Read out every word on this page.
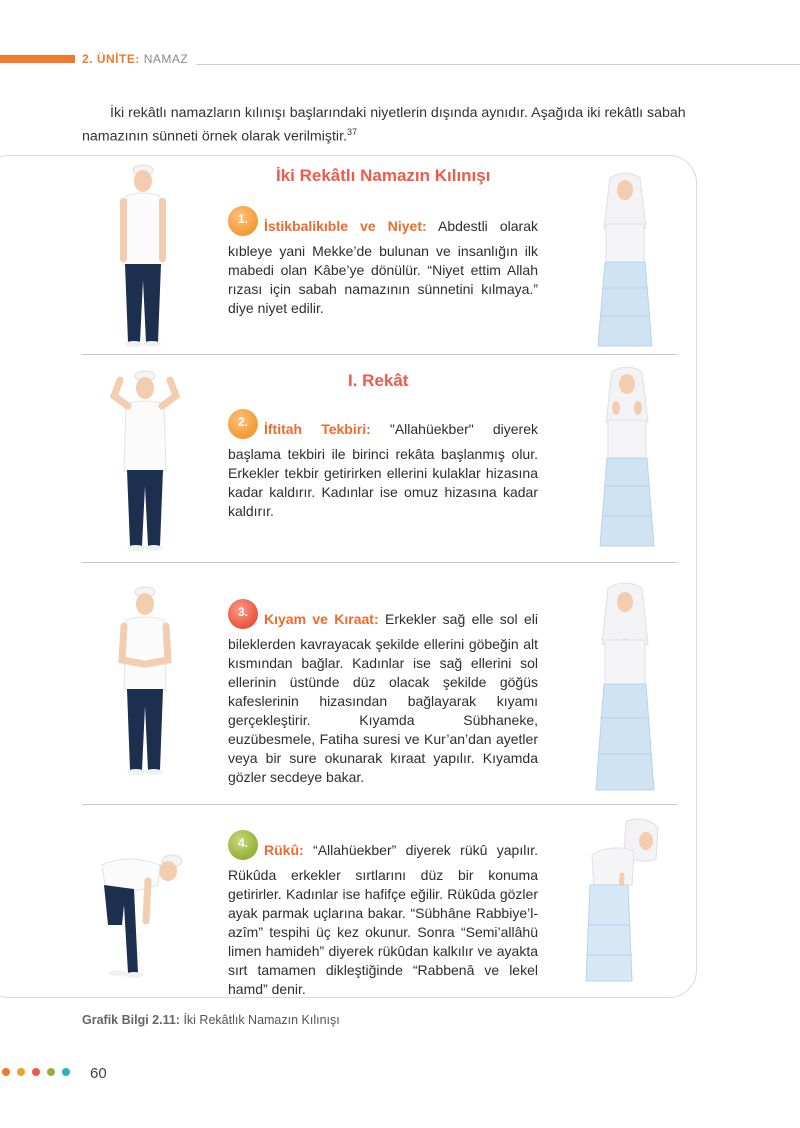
2. ÜNİTE: NAMAZ
İki rekâtlı namazların kılınışı başlarındaki niyetlerin dışında aynıdır. Aşağıda iki rekâtlı sabah namazının sünneti örnek olarak verilmiştir.$^{37}$
İki Rekâtlı Namazın Kılınışı
I. Rekât
1. İstikbalikıble ve Niyet: Abdestli olarak kıbleye yani Mekke’de bulunan ve insanlığın ilk mabedi olan Kâbe’ye dönülür. “Niyet ettim Allah rızası için sabah namazının sünnetini kılmaya.” diye niyet edilir.
2. İftitah Tekbiri: "Allahüekber" diyerek başlama tekbiri ile birinci rekâta başlanmış olur. Erkekler tekbir getirirken ellerini kulaklar hizasına kadar kaldırır. Kadınlar ise omuz hizasına kadar kaldırır.
3. Kıyam ve Kıraat: Erkekler sağ elle sol eli bileklerden kavrayacak şekilde ellerini göbeğin alt kısmından bağlar. Kadınlar ise sağ ellerini sol ellerinin üstünde düz olacak şekilde göğüs kafeslerinin hizasından bağlayarak kıyamı gerçekleştirir. Kıyamda Sübhaneke, euzübesmele, Fatiha suresi ve Kur’an’dan ayetler veya bir sure okunarak kıraat yapılır. Kıyamda gözler secdeye bakar.
4. Rükû: “Allahüekber” diyerek rükû yapılır. Rükûda erkekler sırtlarını düz bir konuma getirirler. Kadınlar ise hafifçe eğilir. Rükûda gözler ayak parmak uçlarına bakar. “Sübhâne Rabbiye’l-azîm” tespihi üç kez okunur. Sonra “Semi’allâhü limen hamideh” diyerek rükûdan kalkılır ve ayakta sırt tamamen dikleştiğinde “Rabbenâ ve lekel hamd” denir.
Grafik Bilgi 2.11: İki Rekâtlık Namazın Kılınışı
60
